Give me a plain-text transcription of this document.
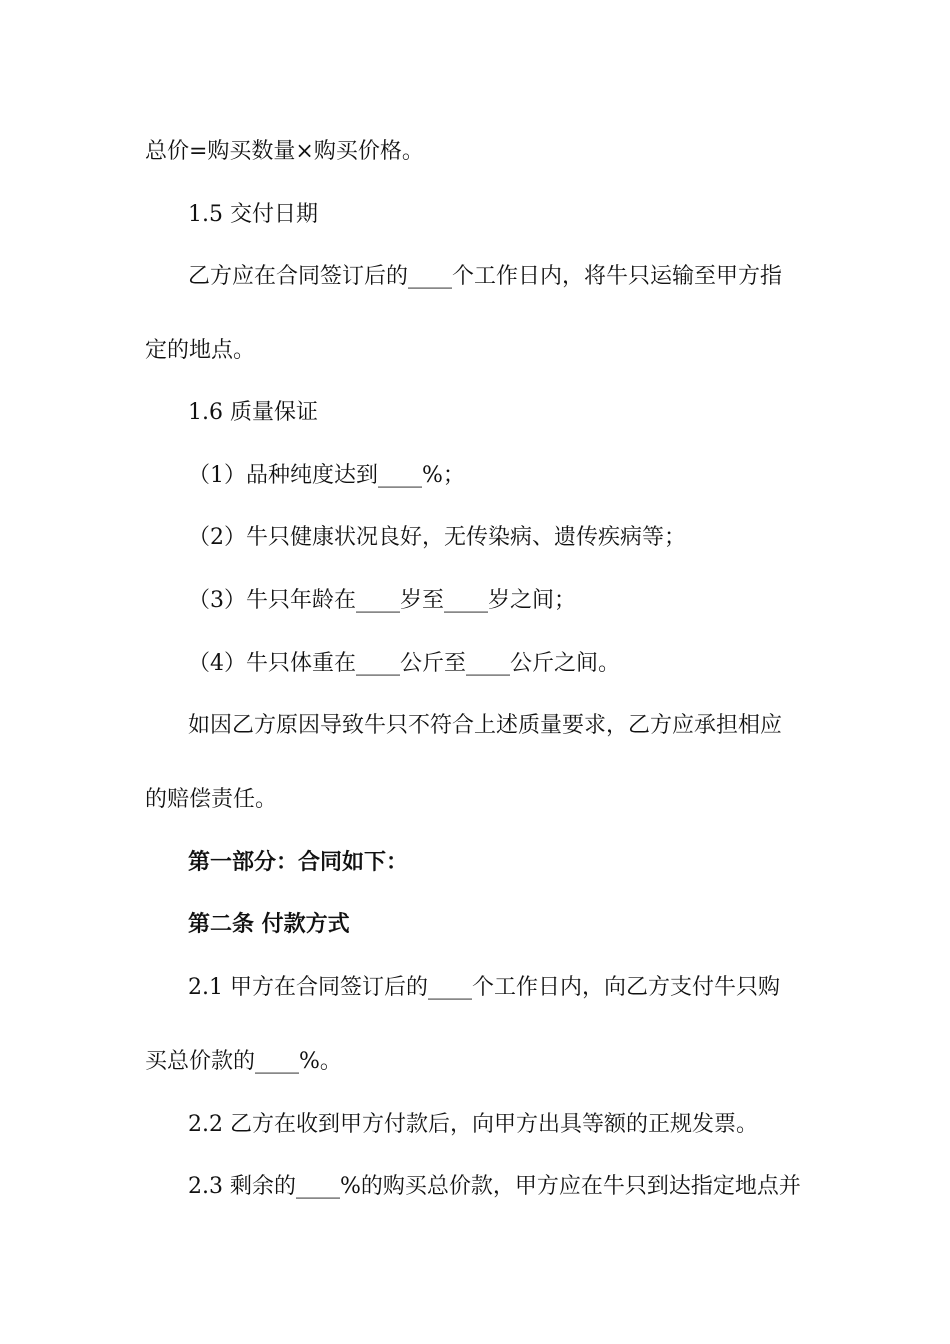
总价=购买数量×购买价格。
1.5 交付日期
乙方应在合同签订后的____个工作日内，将牛只运输至甲方指
定的地点。
1.6 质量保证
（1）品种纯度达到____%；
（2）牛只健康状况良好，无传染病、遗传疾病等；
（3）牛只年龄在____岁至____岁之间；
（4）牛只体重在____公斤至____公斤之间。
如因乙方原因导致牛只不符合上述质量要求，乙方应承担相应
的赔偿责任。
第一部分：合同如下：
第二条 付款方式
2.1 甲方在合同签订后的____个工作日内，向乙方支付牛只购
买总价款的____%。
2.2 乙方在收到甲方付款后，向甲方出具等额的正规发票。
2.3 剩余的____%的购买总价款，甲方应在牛只到达指定地点并
